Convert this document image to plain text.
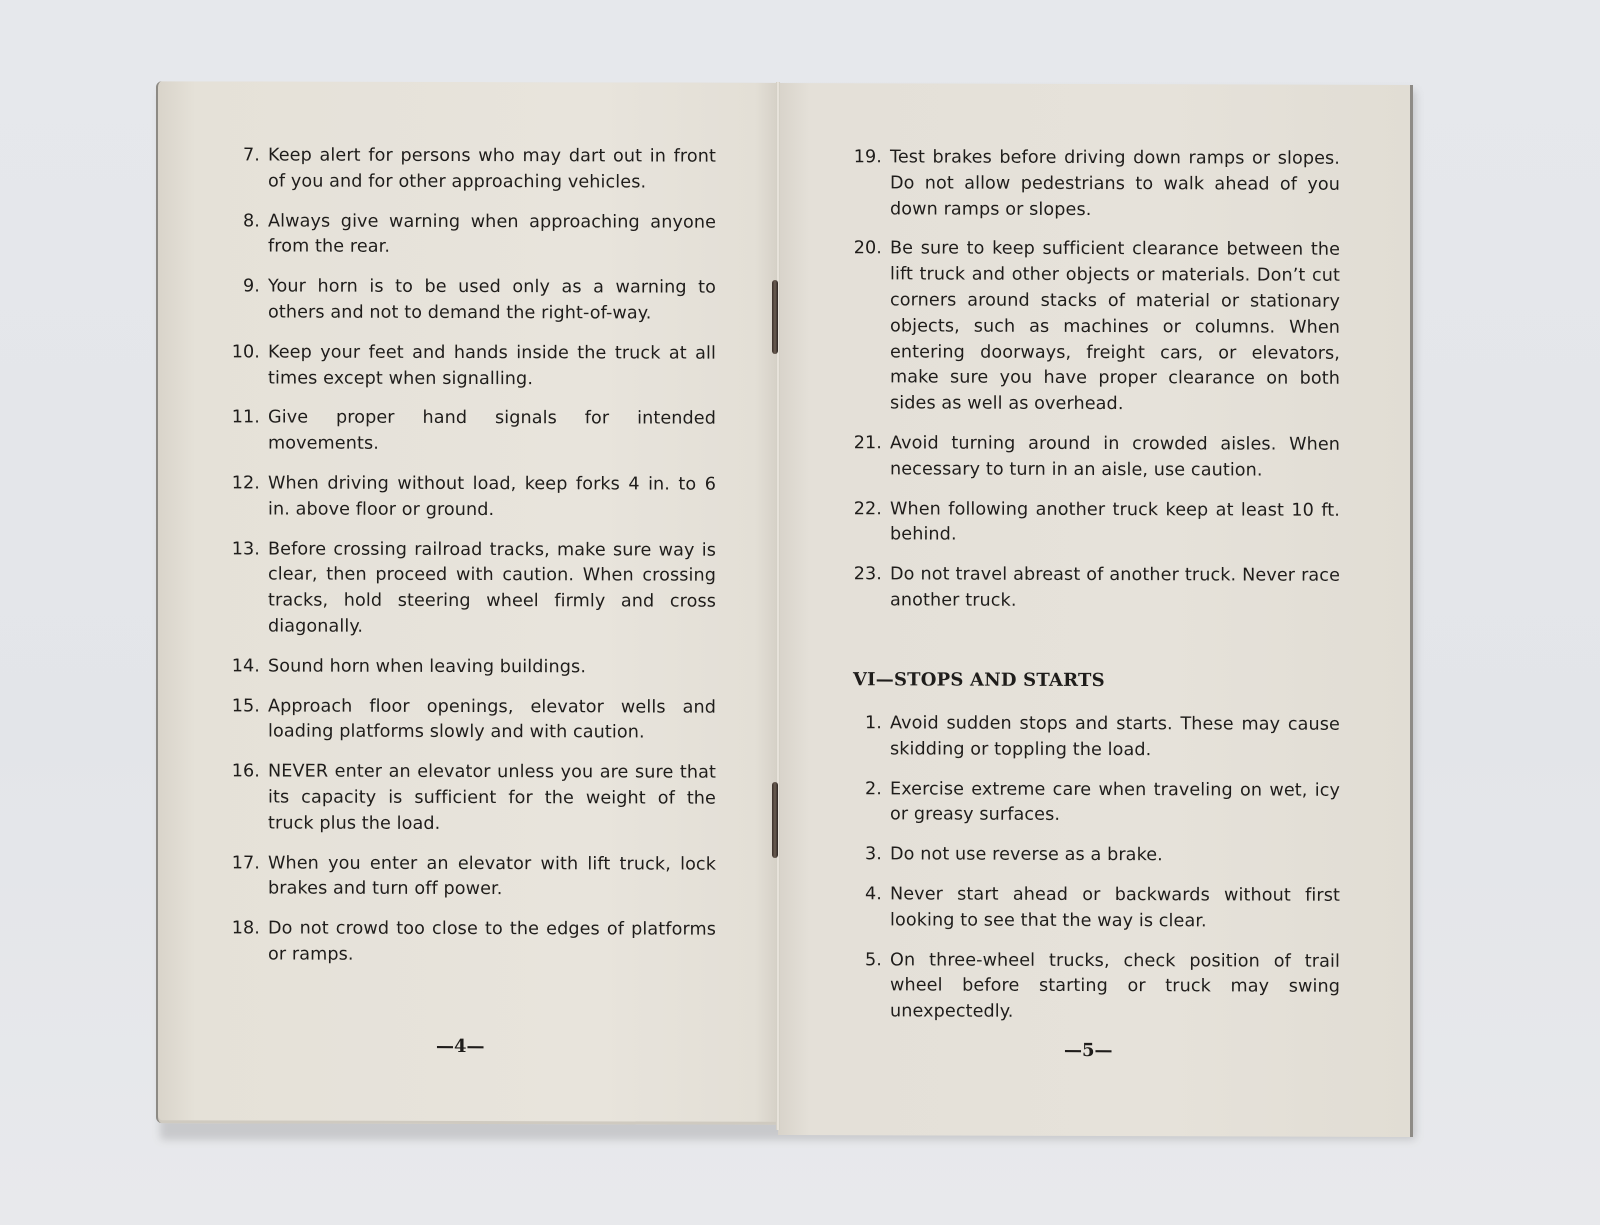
7. Keep alert for persons who may dart out in front of you and for other approaching vehicles.
8. Always give warning when approaching anyone from the rear.
9. Your horn is to be used only as a warning to others and not to demand the right-of-way.
10. Keep your feet and hands inside the truck at all times except when signalling.
11. Give proper hand signals for intended movements.
12. When driving without load, keep forks 4 in. to 6 in. above floor or ground.
13. Before crossing railroad tracks, make sure way is clear, then proceed with caution. When crossing tracks, hold steering wheel firmly and cross diagonally.
14. Sound horn when leaving buildings.
15. Approach floor openings, elevator wells and loading platforms slowly and with caution.
16. NEVER enter an elevator unless you are sure that its capacity is sufficient for the weight of the truck plus the load.
17. When you enter an elevator with lift truck, lock brakes and turn off power.
18. Do not crowd too close to the edges of platforms or ramps.
—4—
19. Test brakes before driving down ramps or slopes. Do not allow pedestrians to walk ahead of you down ramps or slopes.
20. Be sure to keep sufficient clearance between the lift truck and other objects or materials. Don’t cut corners around stacks of material or stationary objects, such as machines or columns. When entering doorways, freight cars, or elevators, make sure you have proper clearance on both sides as well as overhead.
21. Avoid turning around in crowded aisles. When necessary to turn in an aisle, use caution.
22. When following another truck keep at least 10 ft. behind.
23. Do not travel abreast of another truck. Never race another truck.
VI—STOPS AND STARTS
1. Avoid sudden stops and starts. These may cause skidding or toppling the load.
2. Exercise extreme care when traveling on wet, icy or greasy surfaces.
3. Do not use reverse as a brake.
4. Never start ahead or backwards without first looking to see that the way is clear.
5. On three-wheel trucks, check position of trail wheel before starting or truck may swing unexpectedly.
—5—
